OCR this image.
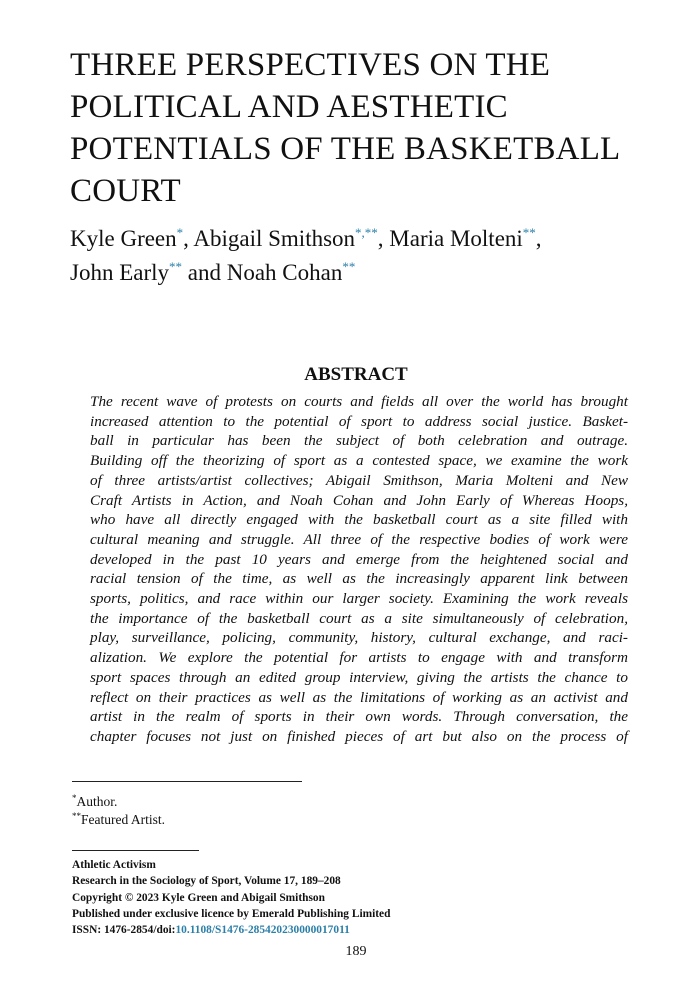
THREE PERSPECTIVES ON THE
POLITICAL AND AESTHETIC
POTENTIALS OF THE BASKETBALL
COURT
Kyle Green*, Abigail Smithson*,**, Maria Molteni**,
John Early** and Noah Cohan**
ABSTRACT
The recent wave of protests on courts and fields all over the world has brought
increased attention to the potential of sport to address social justice. Basket-
ball in particular has been the subject of both celebration and outrage.
Building off the theorizing of sport as a contested space, we examine the work
of three artists/artist collectives; Abigail Smithson, Maria Molteni and New
Craft Artists in Action, and Noah Cohan and John Early of Whereas Hoops,
who have all directly engaged with the basketball court as a site filled with
cultural meaning and struggle. All three of the respective bodies of work were
developed in the past 10 years and emerge from the heightened social and
racial tension of the time, as well as the increasingly apparent link between
sports, politics, and race within our larger society. Examining the work reveals
the importance of the basketball court as a site simultaneously of celebration,
play, surveillance, policing, community, history, cultural exchange, and raci-
alization. We explore the potential for artists to engage with and transform
sport spaces through an edited group interview, giving the artists the chance to
reflect on their practices as well as the limitations of working as an activist and
artist in the realm of sports in their own words. Through conversation, the
chapter focuses not just on finished pieces of art but also on the process of
*Author.
**Featured Artist.
Athletic Activism
Research in the Sociology of Sport, Volume 17, 189–208
Copyright © 2023 Kyle Green and Abigail Smithson
Published under exclusive licence by Emerald Publishing Limited
ISSN: 1476-2854/doi:10.1108/S1476-285420230000017011
189
